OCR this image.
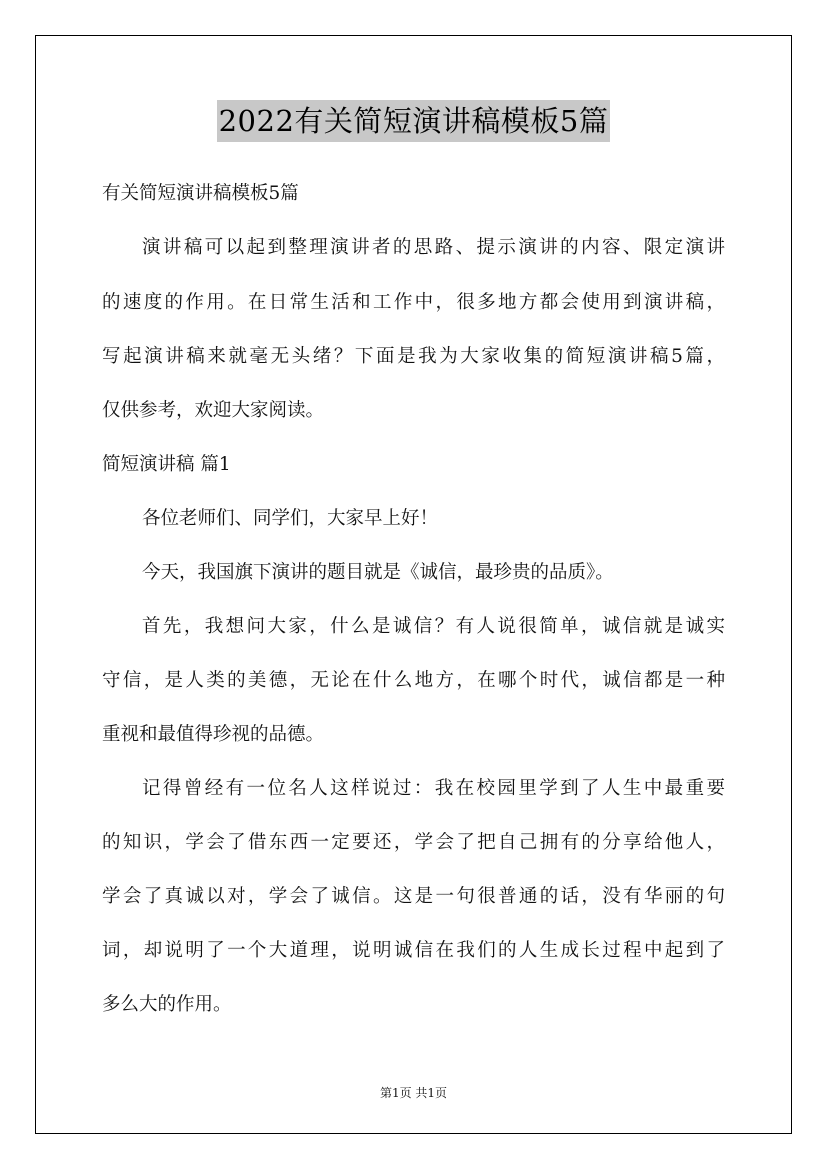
2022有关简短演讲稿模板5篇
有关简短演讲稿模板5篇
演讲稿可以起到整理演讲者的思路、提示演讲的内容、限定演讲
的速度的作用。在日常生活和工作中，很多地方都会使用到演讲稿，
写起演讲稿来就毫无头绪？下面是我为大家收集的简短演讲稿5篇，
仅供参考，欢迎大家阅读。
简短演讲稿 篇1
各位老师们、同学们，大家早上好！
今天，我国旗下演讲的题目就是《诚信，最珍贵的品质》。
首先，我想问大家，什么是诚信？有人说很简单，诚信就是诚实
守信，是人类的美德，无论在什么地方，在哪个时代，诚信都是一种
重视和最值得珍视的品德。
记得曾经有一位名人这样说过：我在校园里学到了人生中最重要
的知识，学会了借东西一定要还，学会了把自己拥有的分享给他人，
学会了真诚以对，学会了诚信。这是一句很普通的话，没有华丽的句
词，却说明了一个大道理，说明诚信在我们的人生成长过程中起到了
多么大的作用。
第1页 共1页
